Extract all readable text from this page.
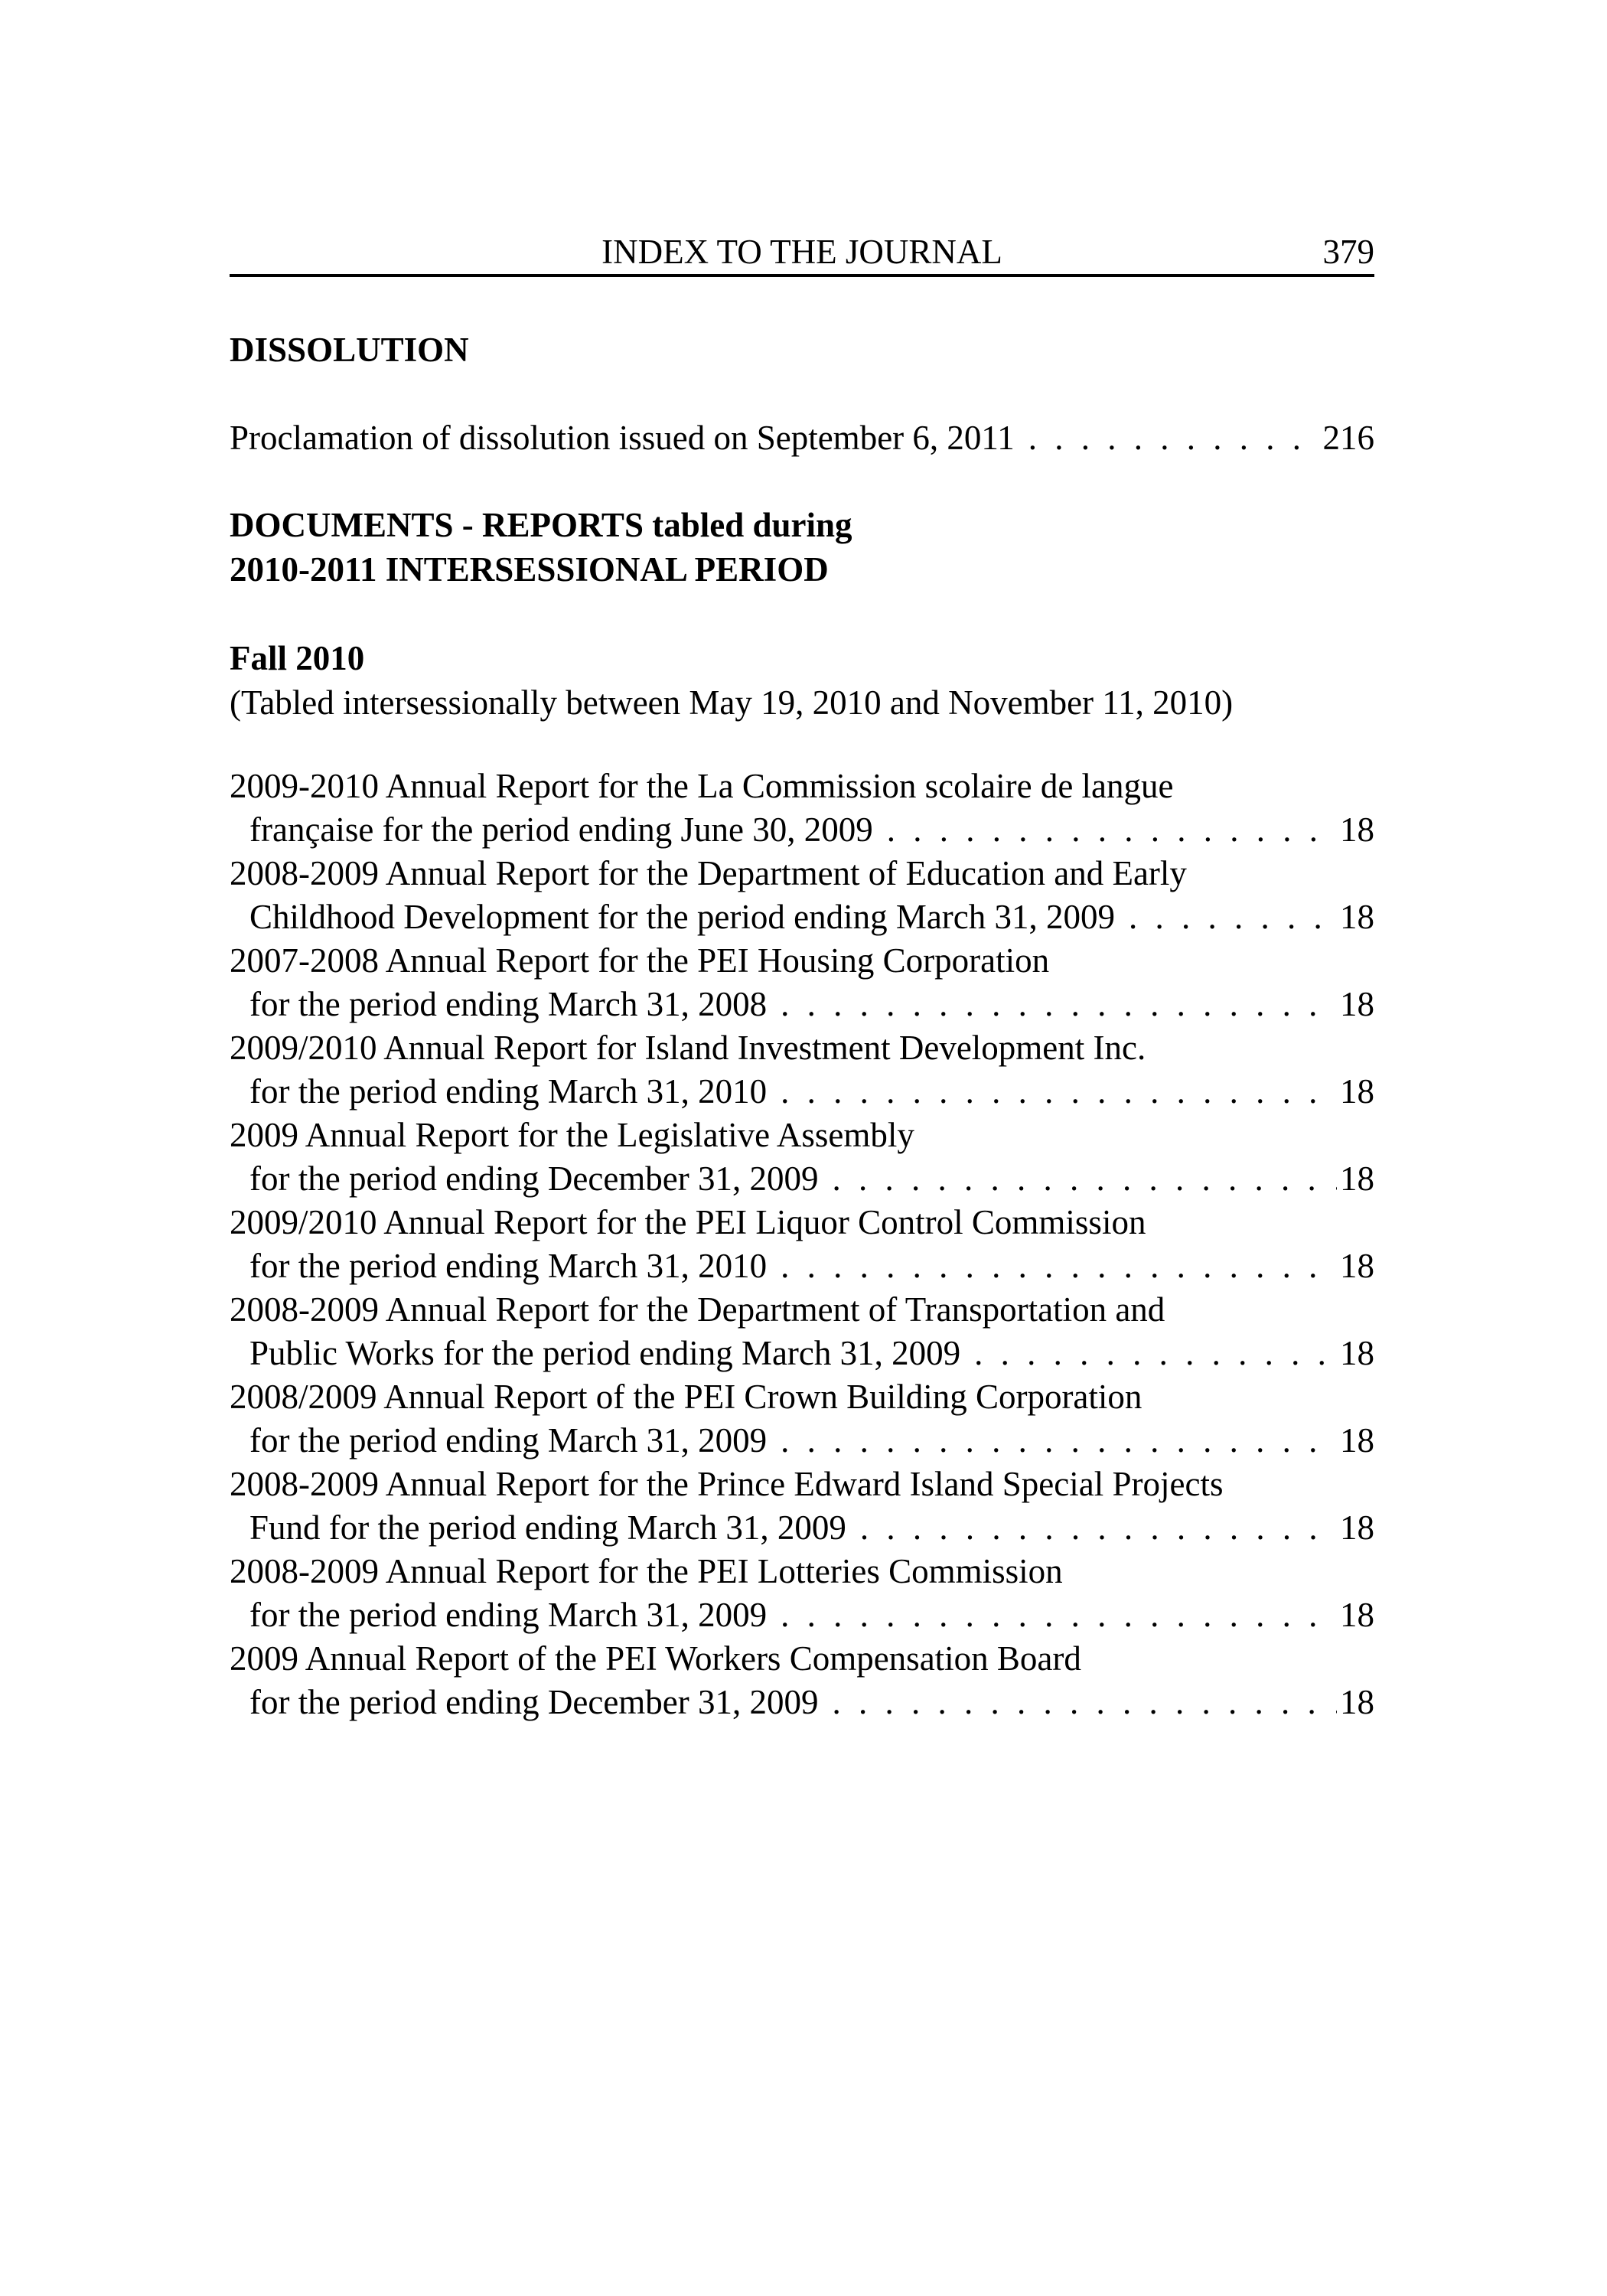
INDEX TO THE JOURNAL	379
DISSOLUTION
Proclamation of dissolution issued on September 6, 2011 . . .	216
DOCUMENTS - REPORTS tabled during
2010-2011 INTERSESSIONAL PERIOD
Fall 2010
(Tabled intersessionally between May 19, 2010 and November 11, 2010)
2009-2010 Annual Report for the La Commission scolaire de langue
française for the period ending June 30, 2009 . . .	18
2008-2009 Annual Report for the Department of Education and Early
Childhood Development for the period ending March 31, 2009 . . .	18
2007-2008 Annual Report for the PEI Housing Corporation
for the period ending March 31, 2008 . . .	18
2009/2010 Annual Report for Island Investment Development Inc.
for the period ending March 31, 2010 . . .	18
2009 Annual Report for the Legislative Assembly
for the period ending December 31, 2009 . . .	18
2009/2010 Annual Report for the PEI Liquor Control Commission
for the period ending March 31, 2010 . . .	18
2008-2009 Annual Report for the Department of Transportation and
Public Works for the period ending March 31, 2009 . . .	18
2008/2009 Annual Report of the PEI Crown Building Corporation
for the period ending March 31, 2009 . . .	18
2008-2009 Annual Report for the Prince Edward Island Special Projects
Fund for the period ending March 31, 2009 . . .	18
2008-2009 Annual Report for the PEI Lotteries Commission
for the period ending March 31, 2009 . . .	18
2009 Annual Report of the PEI Workers Compensation Board
for the period ending December 31, 2009 . . .	18
